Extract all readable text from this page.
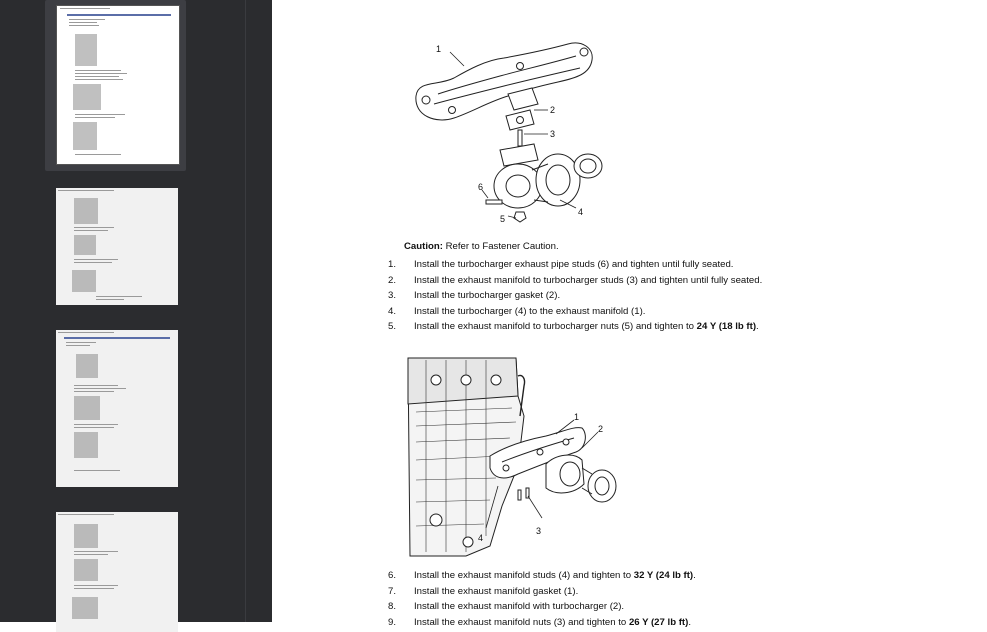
1
2
3
4
5
6
Caution: Refer to Fastener Caution.
1. Install the turbocharger exhaust pipe studs (6) and tighten until fully seated.
2. Install the exhaust manifold to turbocharger studs (3) and tighten until fully seated.
3. Install the turbocharger gasket (2).
4. Install the turbocharger (4) to the exhaust manifold (1).
5. Install the exhaust manifold to turbocharger nuts (5) and tighten to 24 Y (18 lb ft).
1
2
3
4
6. Install the exhaust manifold studs (4) and tighten to 32 Y (24 lb ft).
7. Install the exhaust manifold gasket (1).
8. Install the exhaust manifold with turbocharger (2).
9. Install the exhaust manifold nuts (3) and tighten to 26 Y (27 lb ft).
